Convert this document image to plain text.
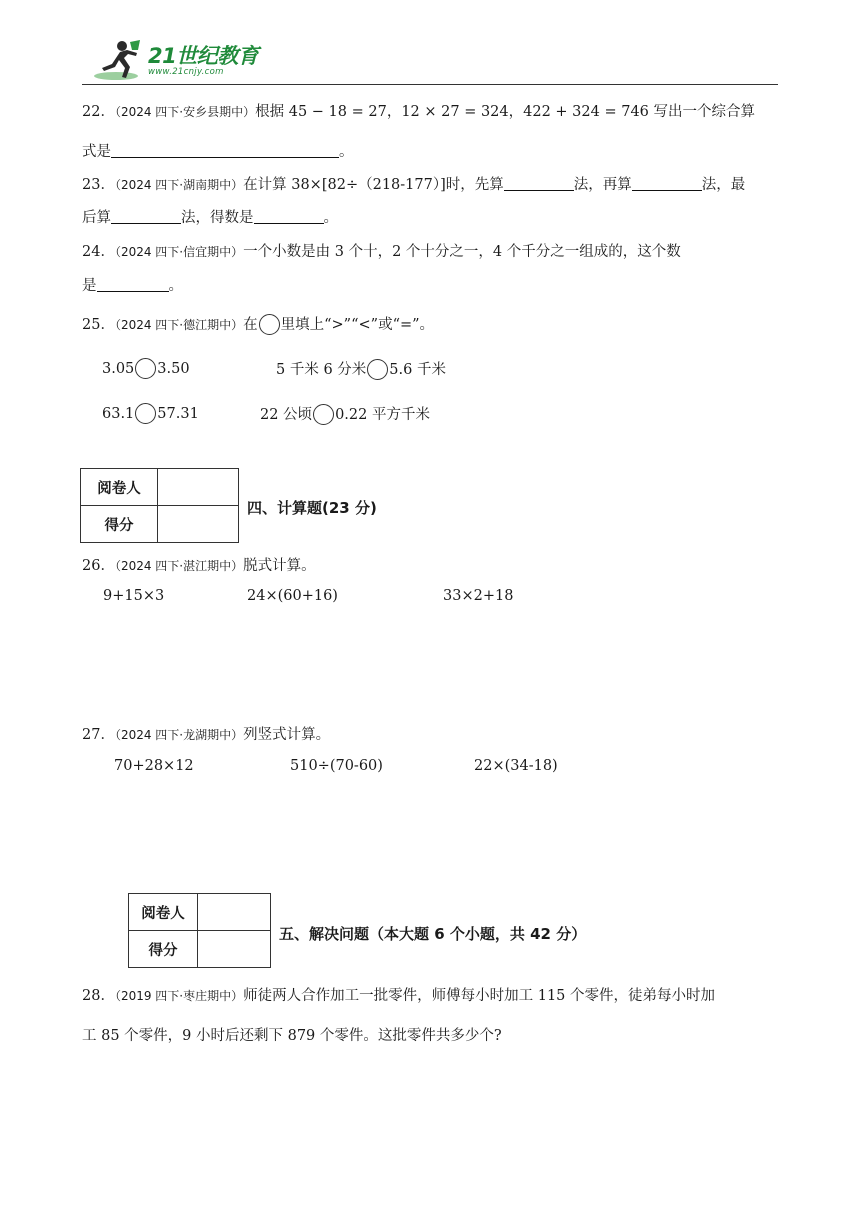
21世纪教育
www.21cnjy.com
22．（2024 四下·安乡县期中）根据 45 − 18 = 27，12 × 27 = 324，422 + 324 = 746 写出一个综合算
式是	。
23．（2024 四下·湖南期中）在计算 38×[82÷（218-177）]时，先算	法，再算	法，最
后算	法，得数是	。
24．（2024 四下·信宜期中）一个小数是由 3 个十，2 个十分之一，4 个千分之一组成的，这个数
是	。
25．（2024 四下·德江期中）在 里填上“>”“<”或“=”。
3.05 3.50	5 千米 6 分米 5.6 千米
63.1 57.31	22 公顷 0.22 平方千米
阅卷人	
得分	
四、计算题(23 分)
26．（2024 四下·湛江期中）脱式计算。
9+15×3	24×(60+16)	33×2+18
27．（2024 四下·龙湖期中）列竖式计算。
70+28×12	510÷(70-60)	22×(34-18)
阅卷人	
得分	
五、解决问题（本大题 6 个小题，共 42 分）
28．（2019 四下·枣庄期中）师徒两人合作加工一批零件，师傅每小时加工 115 个零件，徒弟每小时加
工 85 个零件，9 小时后还剩下 879 个零件。这批零件共多少个?
